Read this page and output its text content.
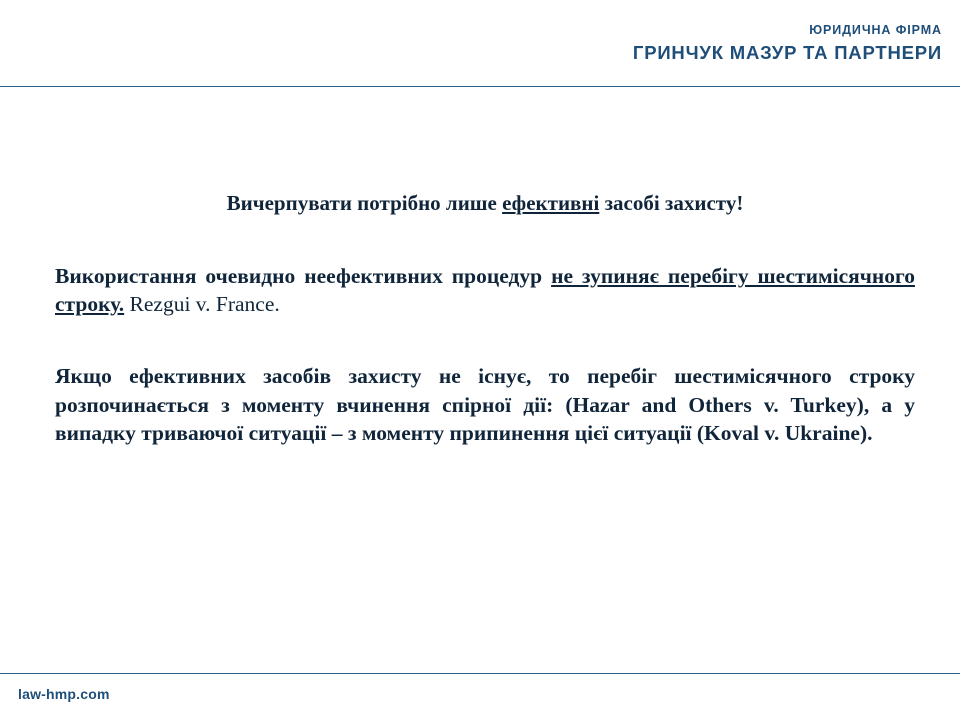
ЮРИДИЧНА ФІРМА
ГРИНЧУК МАЗУР ТА ПАРТНЕРИ

Вичерпувати потрібно лише ефективні засобі захисту!

Використання очевидно неефективних процедур не зупиняє перебігу шестимісячного строку. Rezgui v. France.

Якщо ефективних засобів захисту не існує, то перебіг шестимісячного строку розпочинається з моменту вчинення спірної дії: (Hazar and Others v. Turkey), а у випадку триваючої ситуації – з моменту припинення цієї ситуації (Koval v. Ukraine).

law-hmp.com
